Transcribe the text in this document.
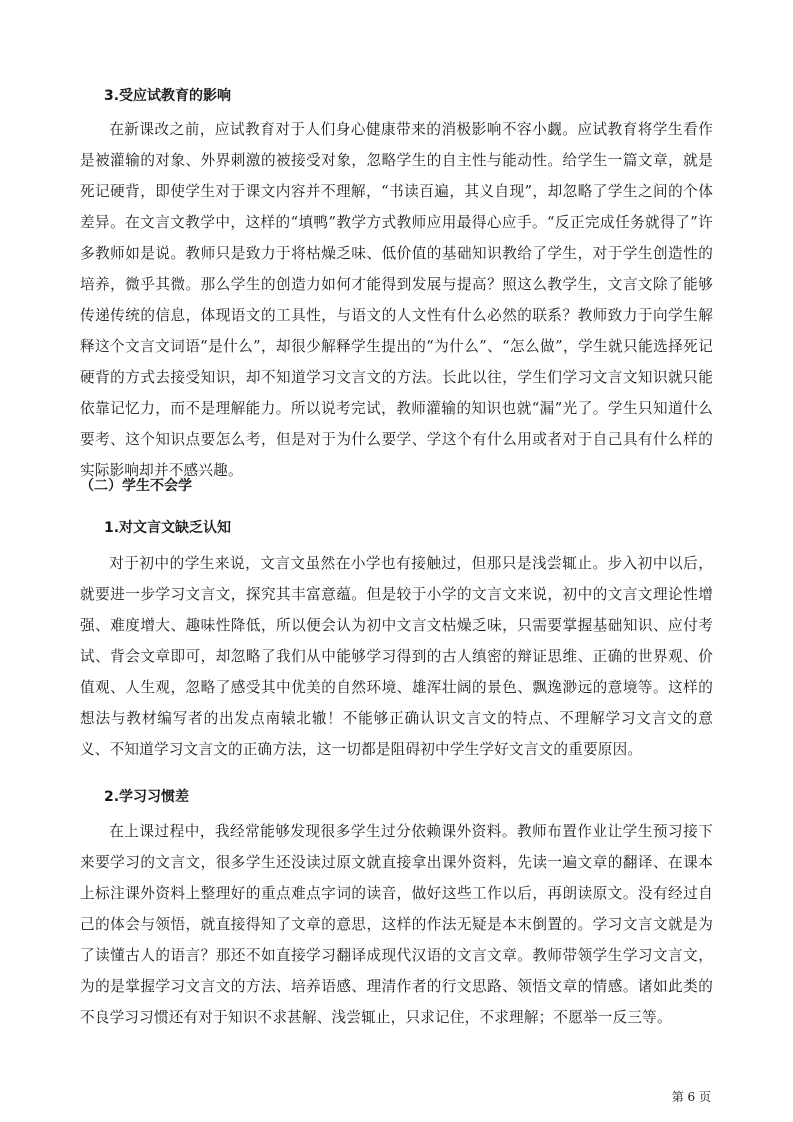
3.受应试教育的影响

在新课改之前，应试教育对于人们身心健康带来的消极影响不容小觑。应试教育将学生看作是被灌输的对象、外界刺激的被接受对象，忽略学生的自主性与能动性。给学生一篇文章，就是死记硬背，即使学生对于课文内容并不理解，“书读百遍，其义自现”，却忽略了学生之间的个体差异。在文言文教学中，这样的“填鸭”教学方式教师应用最得心应手。“反正完成任务就得了”许多教师如是说。教师只是致力于将枯燥乏味、低价值的基础知识教给了学生，对于学生创造性的培养，微乎其微。那么学生的创造力如何才能得到发展与提高？照这么教学生，文言文除了能够传递传统的信息，体现语文的工具性，与语文的人文性有什么必然的联系？教师致力于向学生解释这个文言文词语“是什么”，却很少解释学生提出的“为什么”、“怎么做”，学生就只能选择死记硬背的方式去接受知识，却不知道学习文言文的方法。长此以往，学生们学习文言文知识就只能依靠记忆力，而不是理解能力。所以说考完试，教师灌输的知识也就“漏”光了。学生只知道什么要考、这个知识点要怎么考，但是对于为什么要学、学这个有什么用或者对于自己具有什么样的实际影响却并不感兴趣。

（二）学生不会学
1.对文言文缺乏认知

对于初中的学生来说，文言文虽然在小学也有接触过，但那只是浅尝辄止。步入初中以后，就要进一步学习文言文，探究其丰富意蕴。但是较于小学的文言文来说，初中的文言文理论性增强、难度增大、趣味性降低，所以便会认为初中文言文枯燥乏味，只需要掌握基础知识、应付考试、背会文章即可，却忽略了我们从中能够学习得到的古人缜密的辩证思维、正确的世界观、价值观、人生观，忽略了感受其中优美的自然环境、雄浑壮阔的景色、飘逸渺远的意境等。这样的想法与教材编写者的出发点南辕北辙！不能够正确认识文言文的特点、不理解学习文言文的意义、不知道学习文言文的正确方法，这一切都是阻碍初中学生学好文言文的重要原因。

2.学习习惯差

在上课过程中，我经常能够发现很多学生过分依赖课外资料。教师布置作业让学生预习接下来要学习的文言文，很多学生还没读过原文就直接拿出课外资料，先读一遍文章的翻译、在课本上标注课外资料上整理好的重点难点字词的读音，做好这些工作以后，再朗读原文。没有经过自己的体会与领悟，就直接得知了文章的意思，这样的作法无疑是本末倒置的。学习文言文就是为了读懂古人的语言？那还不如直接学习翻译成现代汉语的文言文章。教师带领学生学习文言文，为的是掌握学习文言文的方法、培养语感、理清作者的行文思路、领悟文章的情感。诸如此类的不良学习习惯还有对于知识不求甚解、浅尝辄止，只求记住，不求理解；不愿举一反三等。

第 6 页
